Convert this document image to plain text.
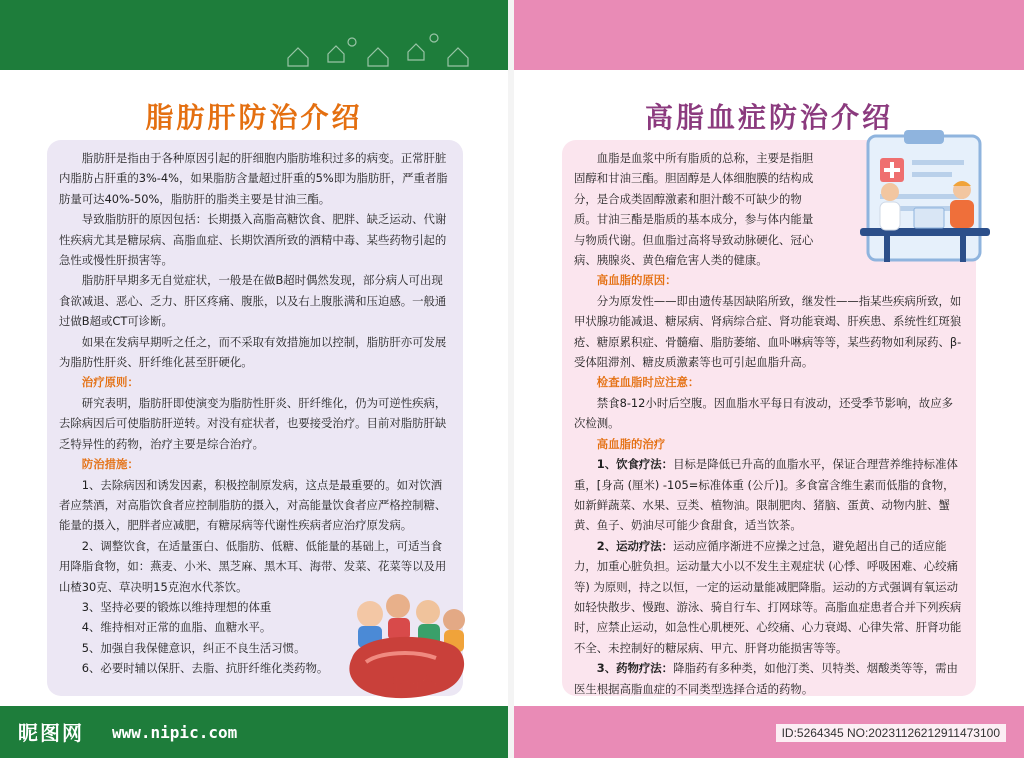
脂肪肝防治介绍

脂肪肝是指由于各种原因引起的肝细胞内脂肪堆积过多的病变。正常肝脏内脂肪占肝重的3%-4%，如果脂肪含量超过肝重的5%即为脂肪肝，严重者脂肪量可达40%-50%，脂肪肝的脂类主要是甘油三酯。

导致脂肪肝的原因包括：长期摄入高脂高糖饮食、肥胖、缺乏运动、代谢性疾病尤其是糖尿病、高脂血症、长期饮酒所致的酒精中毒、某些药物引起的急性或慢性肝损害等。

脂肪肝早期多无自觉症状，一般是在做B超时偶然发现，部分病人可出现食欲减退、恶心、乏力、肝区疼痛、腹胀，以及右上腹胀满和压迫感。一般通过做B超或CT可诊断。

如果在发病早期听之任之，而不采取有效措施加以控制，脂肪肝亦可发展为脂肪性肝炎、肝纤维化甚至肝硬化。

治疗原则：

研究表明，脂肪肝即使演变为脂肪性肝炎、肝纤维化，仍为可逆性疾病，去除病因后可使脂肪肝逆转。对没有症状者，也要接受治疗。目前对脂肪肝缺乏特异性的药物，治疗主要是综合治疗。

防治措施：

1、去除病因和诱发因素，积极控制原发病，这点是最重要的。如对饮酒者应禁酒，对高脂饮食者应控制脂肪的摄入，对高能量饮食者应严格控制糖、能量的摄入，肥胖者应减肥，有糖尿病等代谢性疾病者应治疗原发病。

2、调整饮食，在适量蛋白、低脂肪、低糖、低能量的基础上，可适当食用降脂食物，如：燕麦、小米、黑芝麻、黑木耳、海带、发菜、花菜等以及用山楂30克、草决明15克泡水代茶饮。

3、坚持必要的锻炼以维持理想的体重

4、维持相对正常的血脂、血糖水平。

5、加强自我保健意识，纠正不良生活习惯。

6、必要时辅以保肝、去脂、抗肝纤维化类药物。

肝损伤
昵图网 www.nipic.com
高脂血症防治介绍

血脂是血浆中所有脂质的总称，主要是指胆固醇和甘油三酯。胆固醇是人体细胞膜的结构成分，是合成类固醇激素和胆汁酸不可缺少的物质。甘油三酯是脂质的基本成分，参与体内能量与物质代谢。但血脂过高将导致动脉硬化、冠心病、胰腺炎、黄色瘤危害人类的健康。

高血脂的原因：

分为原发性——即由遗传基因缺陷所致，继发性——指某些疾病所致，如甲状腺功能减退、糖尿病、肾病综合症、肾功能衰竭、肝疾患、系统性红斑狼疮、糖原累积症、骨髓瘤、脂肪萎缩、血卟啉病等等，某些药物如利尿药、β-受体阻滞剂、糖皮质激素等也可引起血脂升高。

检查血脂时应注意：

禁食8-12小时后空腹。因血脂水平每日有波动，还受季节影响，故应多次检测。

高血脂的治疗

1、饮食疗法：目标是降低已升高的血脂水平，保证合理营养维持标准体重，[身高 (厘米) -105=标准体重 (公斤)]。多食富含维生素而低脂的食物，如新鲜蔬菜、水果、豆类、植物油。限制肥肉、猪脑、蛋黄、动物内脏、蟹黄、鱼子、奶油尽可能少食甜食，适当饮茶。

2、运动疗法：运动应循序渐进不应操之过急，避免超出自己的适应能力，加重心脏负担。运动量大小以不发生主观症状 (心悸、呼吸困难、心绞痛等) 为原则，持之以恒，一定的运动量能减肥降脂。运动的方式强调有氧运动如轻快散步、慢跑、游泳、骑自行车、打网球等。高脂血症患者合并下列疾病时，应禁止运动，如急性心肌梗死、心绞痛、心力衰竭、心律失常、肝肾功能不全、未控制好的糖尿病、甲亢、肝肾功能损害等等。

3、药物疗法：降脂药有多种类，如他汀类、贝特类、烟酸类等等，需由医生根据高脂血症的不同类型选择合适的药物。

ID:5264345 NO:20231126212911473100
